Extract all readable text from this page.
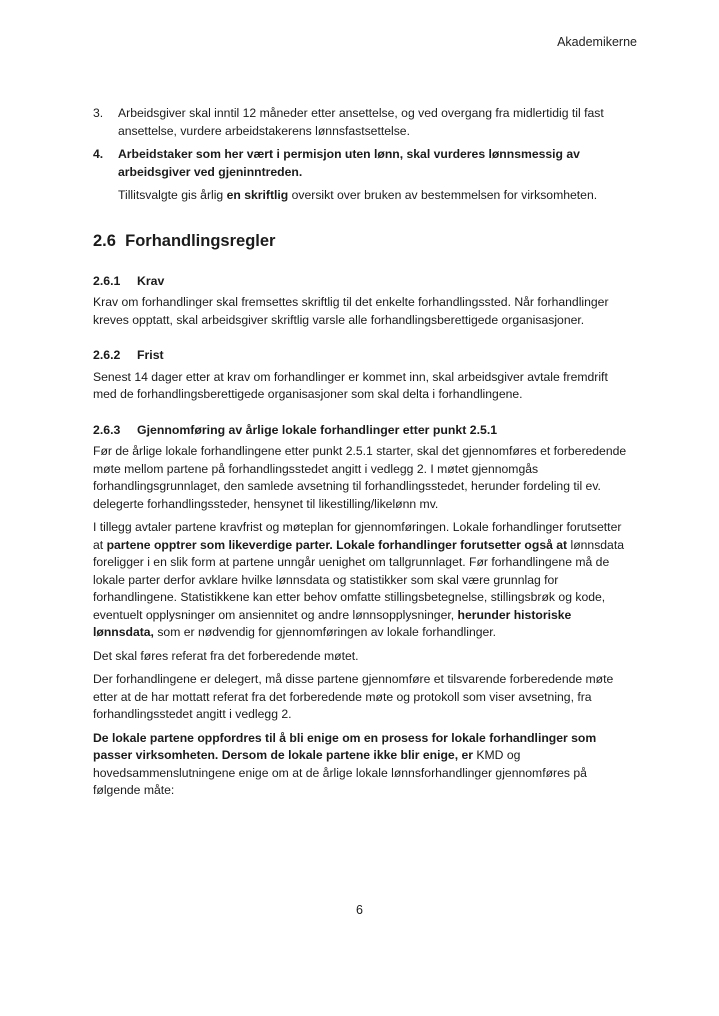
Akademikerne
3.	Arbeidsgiver skal inntil 12 måneder etter ansettelse, og ved overgang fra midlertidig til fast ansettelse, vurdere arbeidstakerens lønnsfastsettelse.
4.	Arbeidstaker som her vært i permisjon uten lønn, skal vurderes lønnsmessig av arbeidsgiver ved gjeninntreden.

Tillitsvalgte gis årlig en skriftlig oversikt over bruken av bestemmelsen for virksomheten.

2.6 Forhandlingsregler
2.6.1 Krav

Krav om forhandlinger skal fremsettes skriftlig til det enkelte forhandlingssted. Når forhandlinger kreves opptatt, skal arbeidsgiver skriftlig varsle alle forhandlingsberettigede organisasjoner.

2.6.2 Frist

Senest 14 dager etter at krav om forhandlinger er kommet inn, skal arbeidsgiver avtale fremdrift med de forhandlingsberettigede organisasjoner som skal delta i forhandlingene.

2.6.3 Gjennomføring av årlige lokale forhandlinger etter punkt 2.5.1

Før de årlige lokale forhandlingene etter punkt 2.5.1 starter, skal det gjennomføres et forberedende møte mellom partene på forhandlingsstedet angitt i vedlegg 2. I møtet gjennomgås forhandlingsgrunnlaget, den samlede avsetning til forhandlingsstedet, herunder fordeling til ev. delegerte forhandlingssteder, hensynet til likestilling/likelønn mv.

I tillegg avtaler partene kravfrist og møteplan for gjennomføringen. Lokale forhandlinger forutsetter at partene opptrer som likeverdige parter. Lokale forhandlinger forutsetter også at lønnsdata foreligger i en slik form at partene unngår uenighet om tallgrunnlaget. Før forhandlingene må de lokale parter derfor avklare hvilke lønnsdata og statistikker som skal være grunnlag for forhandlingene. Statistikkene kan etter behov omfatte stillingsbetegnelse, stillingsbrøk og kode, eventuelt opplysninger om ansiennitet og andre lønnsopplysninger, herunder historiske lønnsdata, som er nødvendig for gjennomføringen av lokale forhandlinger.

Det skal føres referat fra det forberedende møtet.

Der forhandlingene er delegert, må disse partene gjennomføre et tilsvarende forberedende møte etter at de har mottatt referat fra det forberedende møte og protokoll som viser avsetning, fra forhandlingsstedet angitt i vedlegg 2.

De lokale partene oppfordres til å bli enige om en prosess for lokale forhandlinger som passer virksomheten. Dersom de lokale partene ikke blir enige, er KMD og hovedsammenslutningene enige om at de årlige lokale lønnsforhandlinger gjennomføres på følgende måte:

6
